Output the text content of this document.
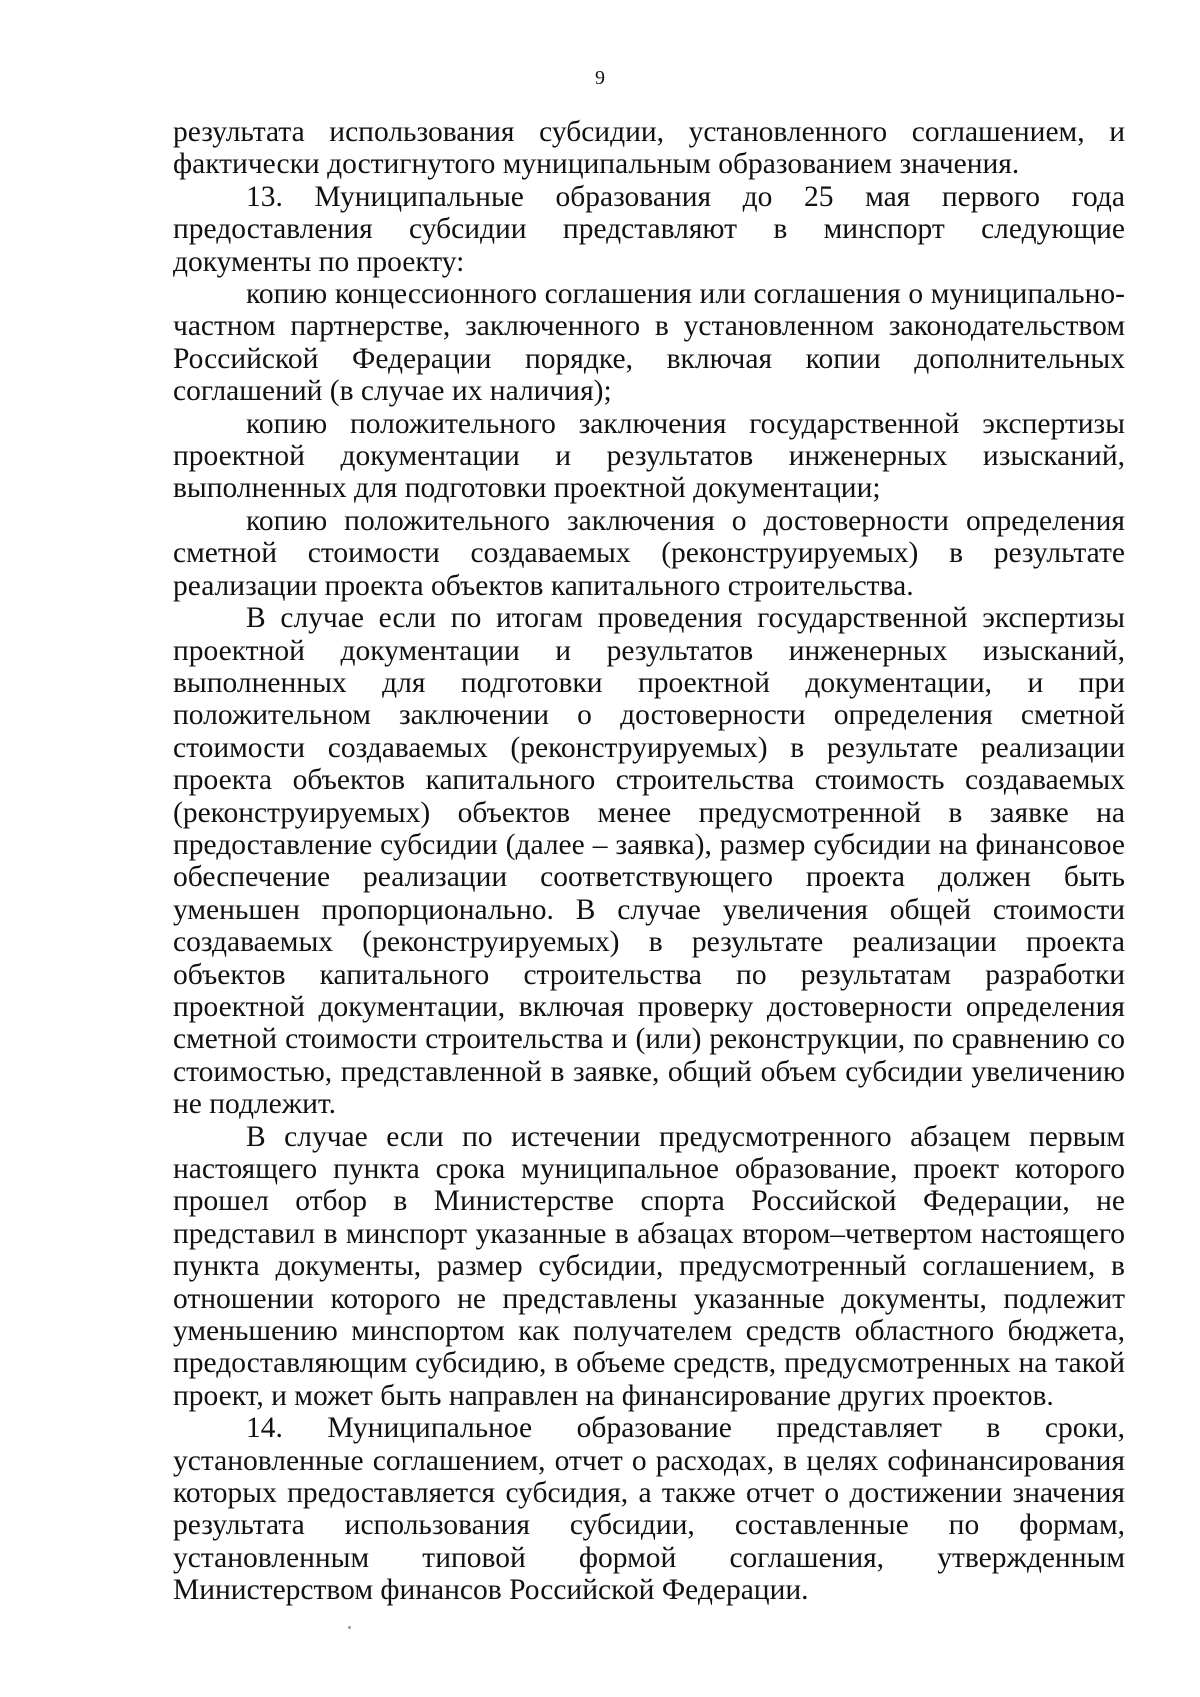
9

результата использования субсидии, установленного соглашением, и фактически достигнутого муниципальным образованием значения.

13. Муниципальные образования до 25 мая первого года предоставления субсидии представляют в минспорт следующие документы по проекту:

копию концессионного соглашения или соглашения о муниципально-частном партнерстве, заключенного в установленном законодательством Российской Федерации порядке, включая копии дополнительных соглашений (в случае их наличия);

копию положительного заключения государственной экспертизы проектной документации и результатов инженерных изысканий, выполненных для подготовки проектной документации;

копию положительного заключения о достоверности определения сметной стоимости создаваемых (реконструируемых) в результате реализации проекта объектов капитального строительства.

В случае если по итогам проведения государственной экспертизы проектной документации и результатов инженерных изысканий, выполненных для подготовки проектной документации, и при положительном заключении о достоверности определения сметной стоимости создаваемых (реконструируемых) в результате реализации проекта объектов капитального строительства стоимость создаваемых (реконструируемых) объектов менее предусмотренной в заявке на предоставление субсидии (далее – заявка), размер субсидии на финансовое обеспечение реализации соответствующего проекта должен быть уменьшен пропорционально. В случае увеличения общей стоимости создаваемых (реконструируемых) в результате реализации проекта объектов капитального строительства по результатам разработки проектной документации, включая проверку достоверности определения сметной стоимости строительства и (или) реконструкции, по сравнению со стоимостью, представленной в заявке, общий объем субсидии увеличению не подлежит.

В случае если по истечении предусмотренного абзацем первым настоящего пункта срока муниципальное образование, проект которого прошел отбор в Министерстве спорта Российской Федерации, не представил в минспорт указанные в абзацах втором–четвертом настоящего пункта документы, размер субсидии, предусмотренный соглашением, в отношении которого не представлены указанные документы, подлежит уменьшению минспортом как получателем средств областного бюджета, предоставляющим субсидию, в объеме средств, предусмотренных на такой проект, и может быть направлен на финансирование других проектов.

14. Муниципальное образование представляет в сроки, установленные соглашением, отчет о расходах, в целях софинансирования которых предоставляется субсидия, а также отчет о достижении значения результата использования субсидии, составленные по формам, установленным типовой формой соглашения, утвержденным Министерством финансов Российской Федерации.
